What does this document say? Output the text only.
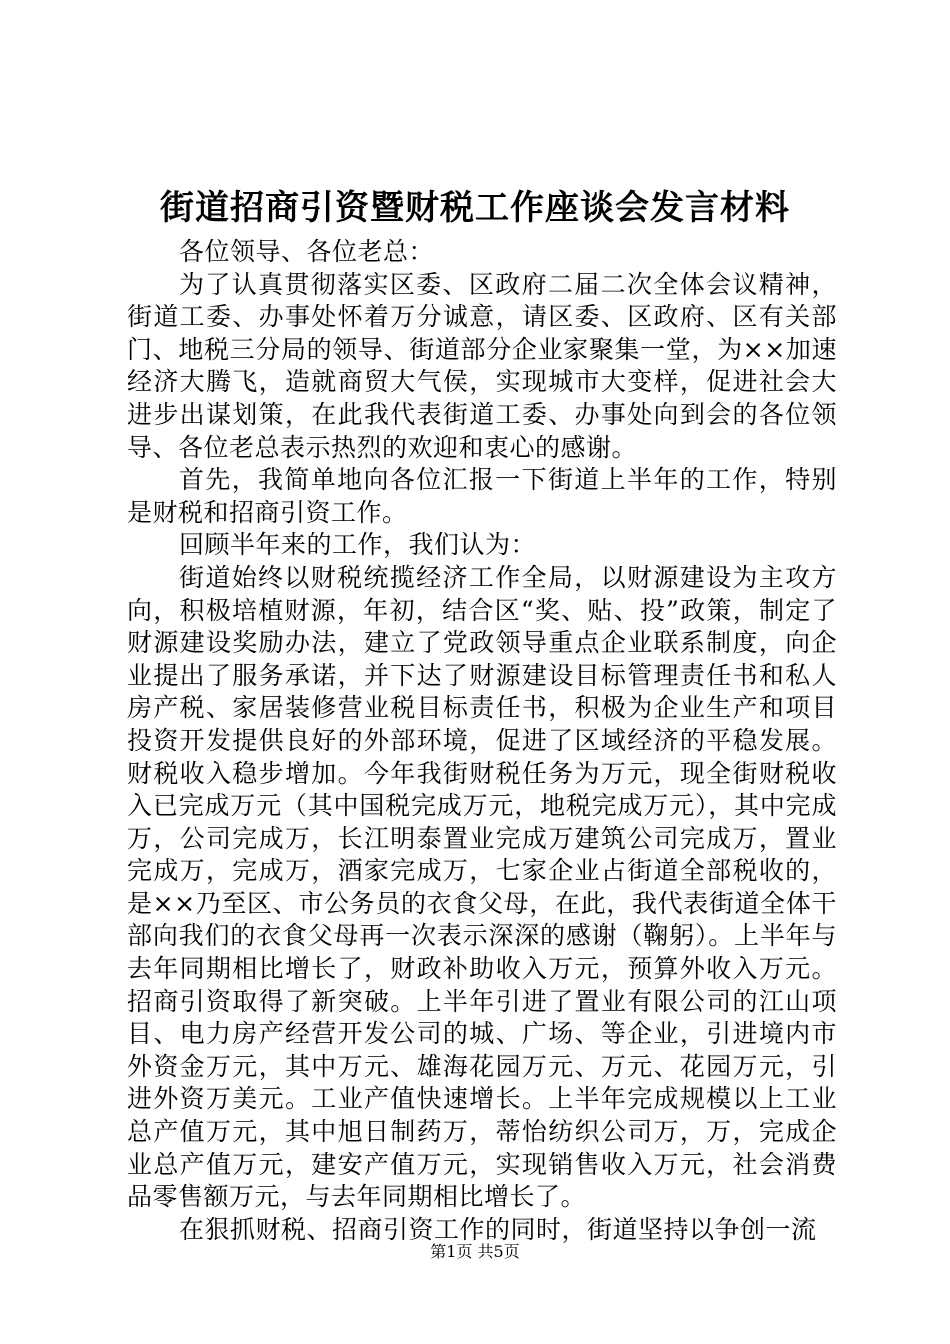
街道招商引资暨财税工作座谈会发言材料

各位领导、各位老总：

为了认真贯彻落实区委、区政府二届二次全体会议精神，街道工委、办事处怀着万分诚意，请区委、区政府、区有关部门、地税三分局的领导、街道部分企业家聚集一堂，为××加速经济大腾飞，造就商贸大气侯，实现城市大变样，促进社会大进步出谋划策，在此我代表街道工委、办事处向到会的各位领导、各位老总表示热烈的欢迎和衷心的感谢。

首先，我简单地向各位汇报一下街道上半年的工作，特别是财税和招商引资工作。

回顾半年来的工作，我们认为：

街道始终以财税统揽经济工作全局，以财源建设为主攻方向，积极培植财源，年初，结合区“奖、贴、投”政策，制定了财源建设奖励办法，建立了党政领导重点企业联系制度，向企业提出了服务承诺，并下达了财源建设目标管理责任书和私人房产税、家居装修营业税目标责任书，积极为企业生产和项目投资开发提供良好的外部环境，促进了区域经济的平稳发展。财税收入稳步增加。今年我街财税任务为万元，现全街财税收入已完成万元（其中国税完成万元，地税完成万元），其中完成万，公司完成万，长江明泰置业完成万建筑公司完成万，置业完成万，完成万，酒家完成万，七家企业占街道全部税收的，是××乃至区、市公务员的衣食父母，在此，我代表街道全体干部向我们的衣食父母再一次表示深深的感谢（鞠躬）。上半年与去年同期相比增长了，财政补助收入万元，预算外收入万元。招商引资取得了新突破。上半年引进了置业有限公司的江山项目、电力房产经营开发公司的城、广场、等企业，引进境内市外资金万元，其中万元、雄海花园万元、万元、花园万元，引进外资万美元。工业产值快速增长。上半年完成规模以上工业总产值万元，其中旭日制药万，蒂怡纺织公司万，万，完成企业总产值万元，建安产值万元，实现销售收入万元，社会消费品零售额万元，与去年同期相比增长了。

在狠抓财税、招商引资工作的同时，街道坚持以争创一流

第1页 共5页
